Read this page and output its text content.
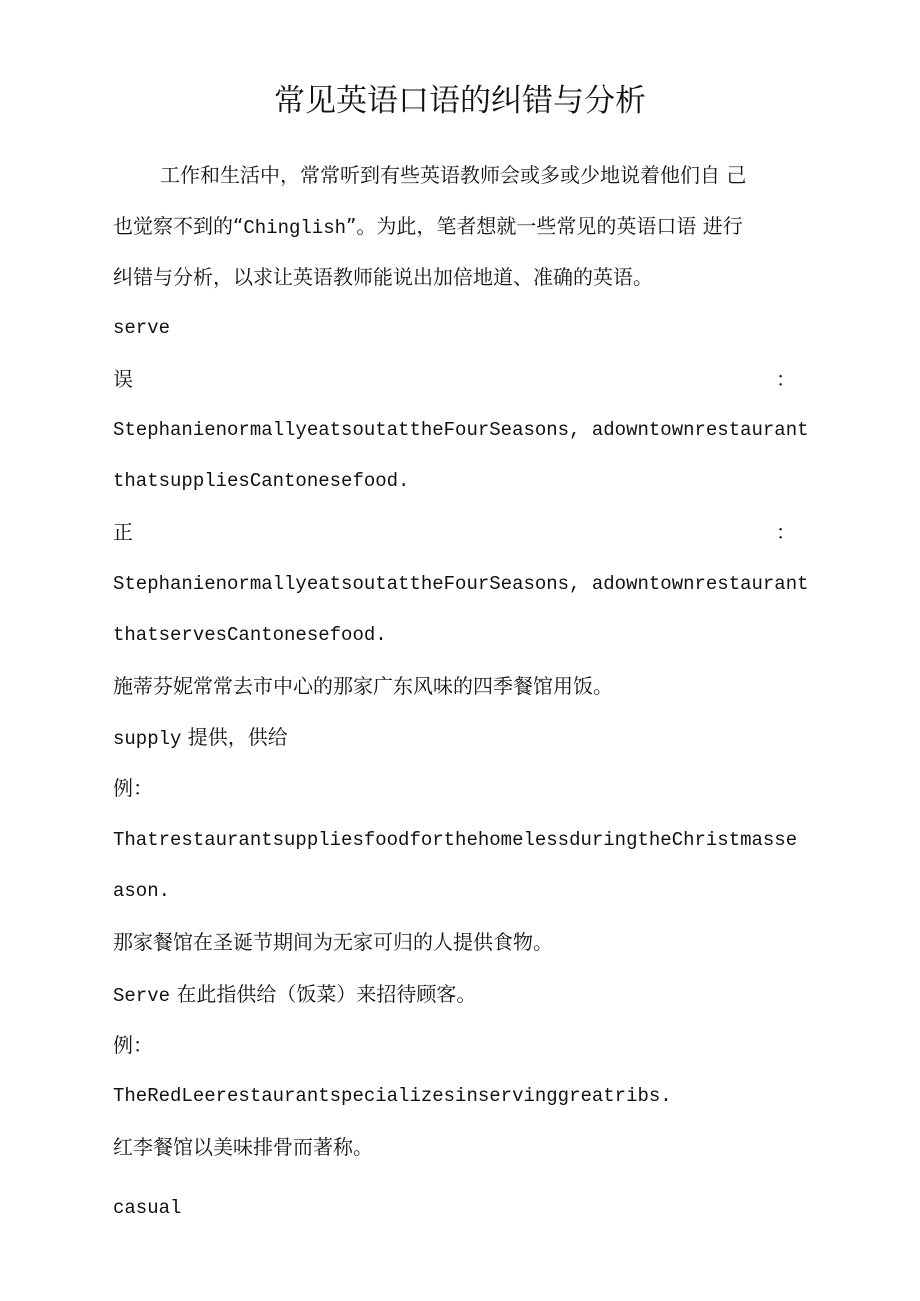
常见英语口语的纠错与分析
工作和生活中，常常听到有些英语教师会或多或少地说着他们自 己
也觉察不到的“Chinglish”。为此，笔者想就一些常见的英语口语 进行
纠错与分析，以求让英语教师能说出加倍地道、准确的英语。
serve
误	：
StephanienormallyeatsoutattheFourSeasons, adowntownrestaurant
thatsuppliesCantonesefood.
正	：
StephanienormallyeatsoutattheFourSeasons, adowntownrestaurant
thatservesCantonesefood.
施蒂芬妮常常去市中心的那家广东风味的四季餐馆用饭。
supply 提供，供给
例：
ThatrestaurantsuppliesfoodforthehomelessduringtheChristmasse
ason.
那家餐馆在圣诞节期间为无家可归的人提供食物。
Serve 在此指供给（饭菜）来招待顾客。
例：
TheRedLeerestaurantspecializesinservinggreatribs.
红李餐馆以美味排骨而著称。
casual
